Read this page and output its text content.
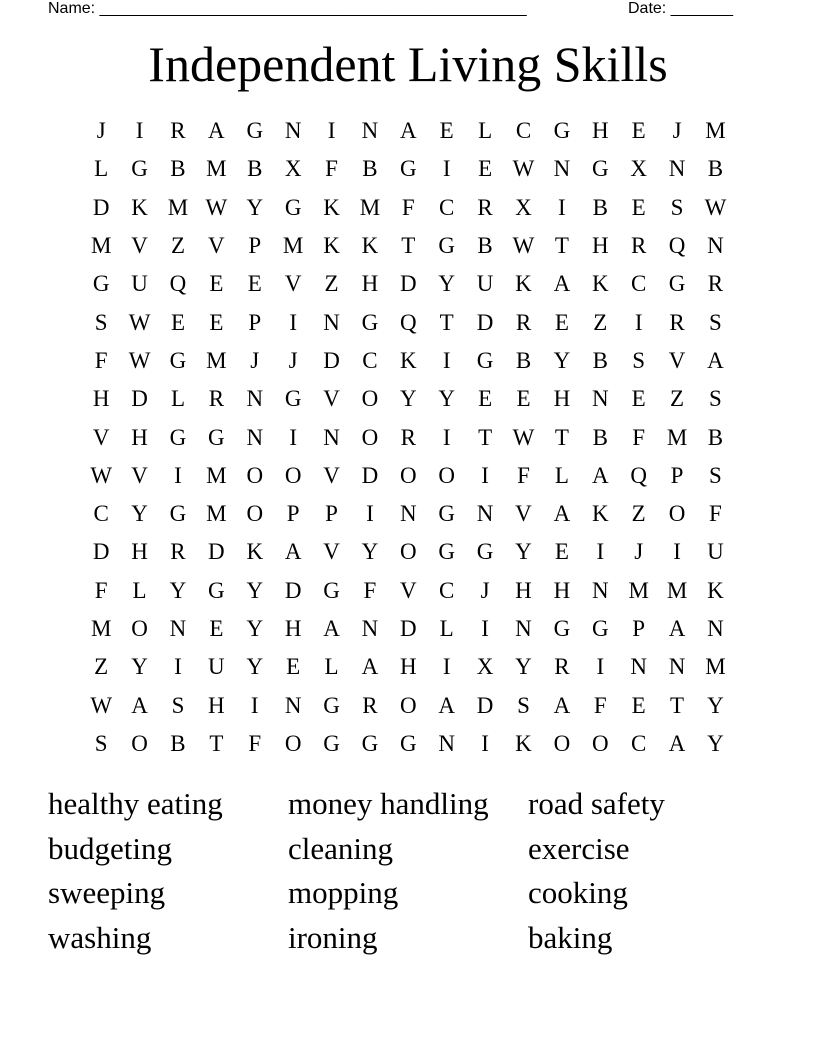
Name: ________________________________________________	Date: _______
Independent Living Skills
J	I	R A G N	I	N A	E	L	C G H	E	J	M
L	G B M B X	F	B G	I	E W N G X N B
D K M W Y G K M F	C	R X	I	B	E	S W
M V	Z	V	P M K K	T	G B W T	H R Q N
G U Q	E	E	V	Z	H D Y U K A K C G R
S W E	E	P	I	N G Q	T	D R	E	Z	I	R	S
F W G M	J	J	D C K	I	G B Y B	S	V A
H D	L	R N G V O Y Y	E	E	H N	E	Z	S
V H G G N	I	N O R	I	T W T	B	F M B
W V	I	M O O V D O O	I	F	L	A Q	P	S
C Y G M O	P	P	I	N G N V A K	Z	O	F
D H R D K A V Y O G G Y	E	I	J	I	U
F	L	Y G Y D G	F	V C	J	H H N M M K
M O N	E	Y H A N D	L	I	N G G	P	A N
Z	Y	I	U Y	E	L	A H	I	X Y R	I	N N M
W A	S	H	I	N G R O A D	S	A	F	E	T	Y
S	O B	T	F	O G G G N	I	K O O C A Y
healthy eating	money handling	road safety
budgeting	cleaning	exercise
sweeping	mopping	cooking
washing	ironing	baking
